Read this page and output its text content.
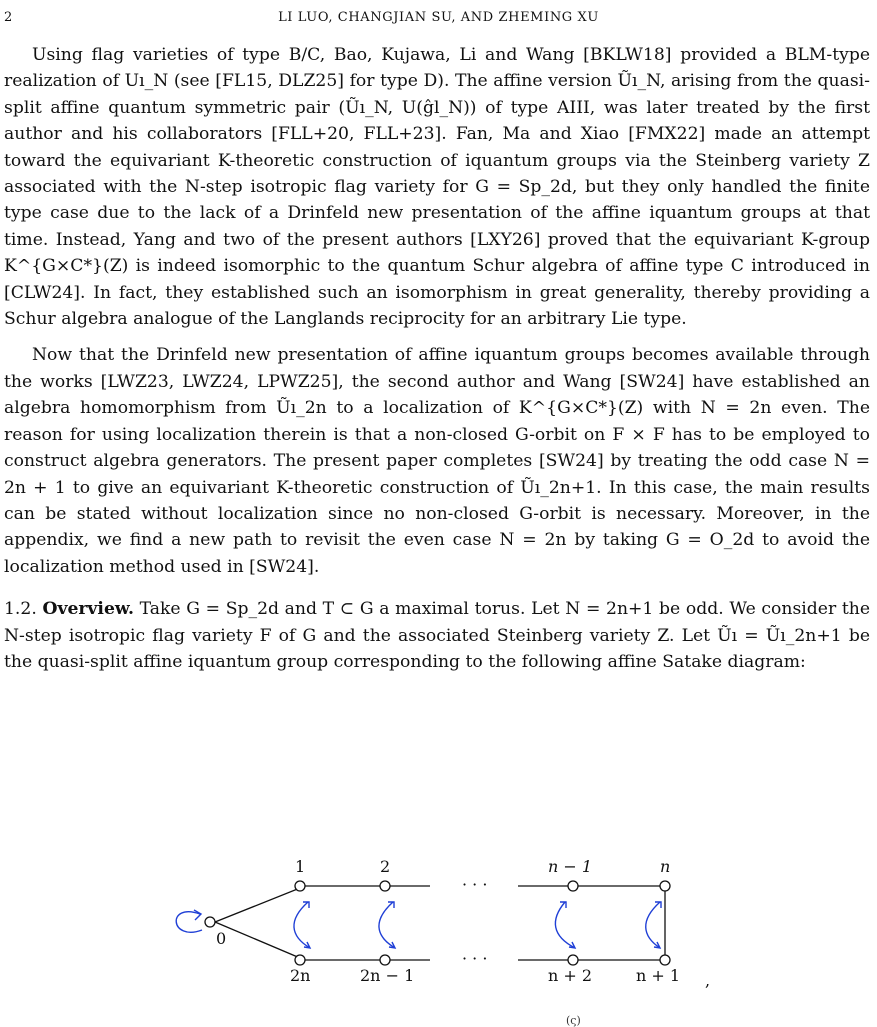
2	LI LUO, CHANGJIAN SU, AND ZHEMING XU

Using flag varieties of type B/C, Bao, Kujawa, Li and Wang [BKLW18] provided a BLM-type realization of Uı_N (see [FL15, DLZ25] for type D). The affine version Ũı_N, arising from the quasi-split affine quantum symmetric pair (Ũı_N, U(ĝl_N)) of type AIII, was later treated by the first author and his collaborators [FLL+20, FLL+23]. Fan, Ma and Xiao [FMX22] made an attempt toward the equivariant K-theoretic construction of iquantum groups via the Steinberg variety Z associated with the N-step isotropic flag variety for G = Sp_2d, but they only handled the finite type case due to the lack of a Drinfeld new presentation of the affine iquantum groups at that time. Instead, Yang and two of the present authors [LXY26] proved that the equivariant K-group K^{G×C*}(Z) is indeed isomorphic to the quantum Schur algebra of affine type C introduced in [CLW24]. In fact, they established such an isomorphism in great generality, thereby providing a Schur algebra analogue of the Langlands reciprocity for an arbitrary Lie type.

Now that the Drinfeld new presentation of affine iquantum groups becomes available through the works [LWZ23, LWZ24, LPWZ25], the second author and Wang [SW24] have established an algebra homomorphism from Ũı_2n to a localization of K^{G×C*}(Z) with N = 2n even. The reason for using localization therein is that a non-closed G-orbit on F × F has to be employed to construct algebra generators. The present paper completes [SW24] by treating the odd case N = 2n + 1 to give an equivariant K-theoretic construction of Ũı_2n+1. In this case, the main results can be stated without localization since no non-closed G-orbit is necessary. Moreover, in the appendix, we find a new path to revisit the even case N = 2n by taking G = O_2d to avoid the localization method used in [SW24].

1.2. Overview. Take G = Sp_2d and T ⊂ G a maximal torus. Let N = 2n+1 be odd. We consider the N-step isotropic flag variety F of G and the associated Steinberg variety Z. Let Ũı = Ũı_2n+1 be the quasi-split affine iquantum group corresponding to the following affine Satake diagram:

0
1	2	n − 1	n
2n	2n − 1	n + 2	n + 1
· · ·
· · ·
,
(ς)
